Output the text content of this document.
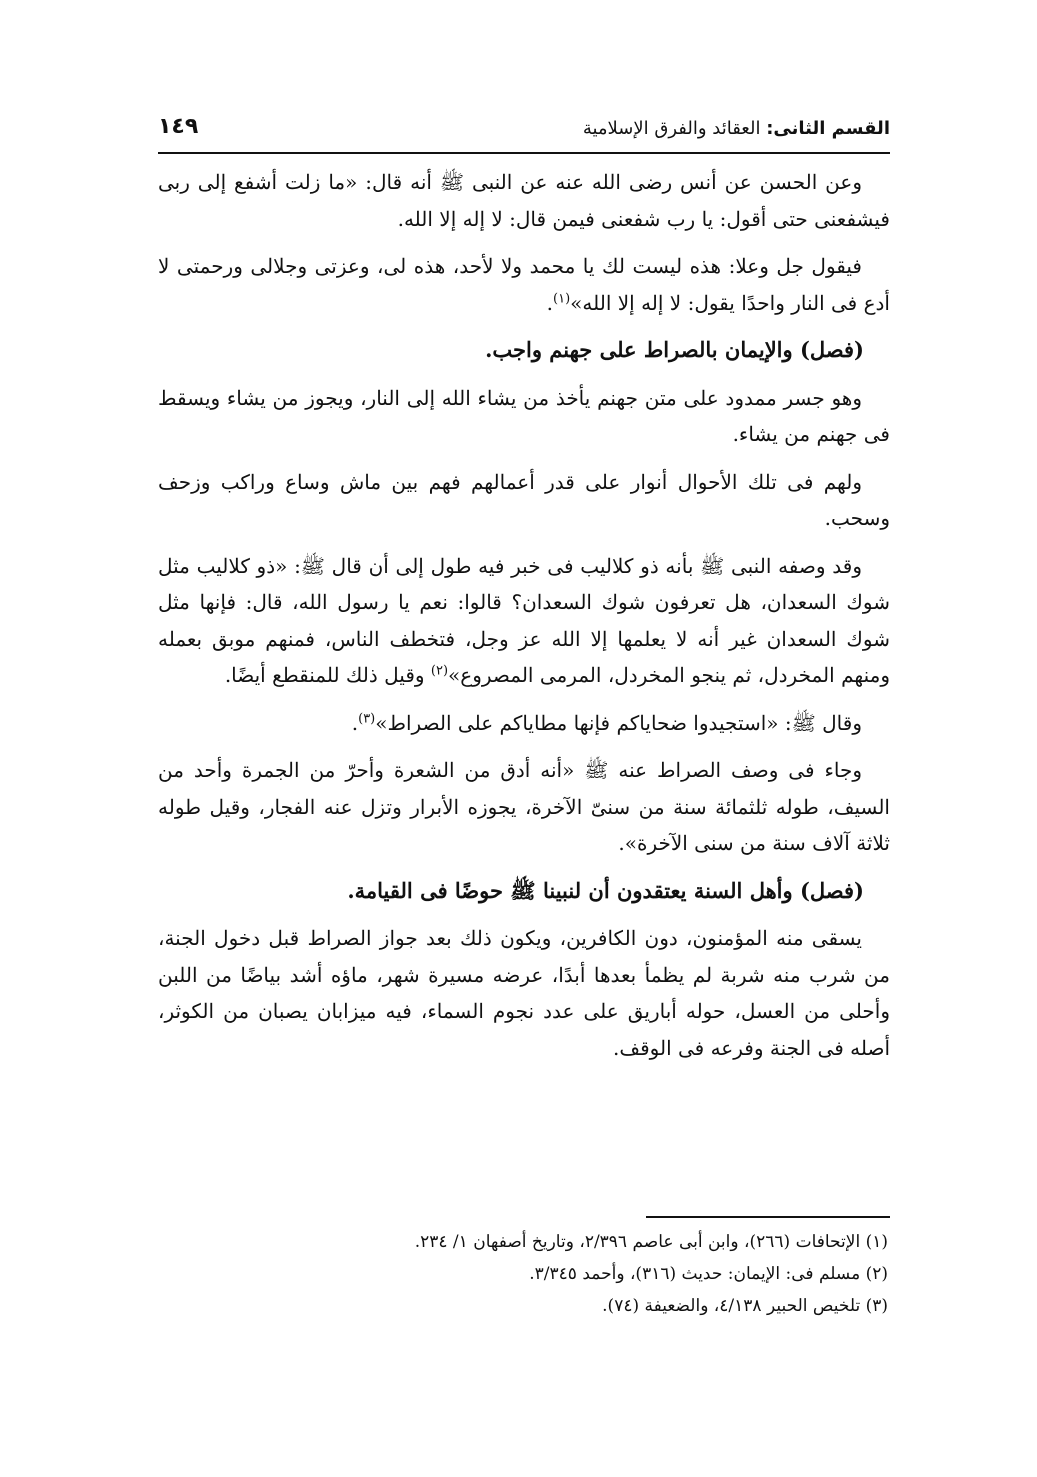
القسم الثانى: العقائد والفرق الإسلامية
١٤٩

وعن الحسن عن أنس رضى الله عنه عن النبى ﷺ أنه قال: «ما زلت أشفع إلى ربى فيشفعنى حتى أقول: يا رب شفعنى فيمن قال: لا إله إلا الله.

فيقول جل وعلا: هذه ليست لك يا محمد ولا لأحد، هذه لى، وعزتى وجلالى ورحمتى لا أدع فى النار واحدًا يقول: لا إله إلا الله»$^{(١)}$.

(فصل) والإيمان بالصراط على جهنم واجب.

وهو جسر ممدود على متن جهنم يأخذ من يشاء الله إلى النار، ويجوز من يشاء ويسقط فى جهنم من يشاء.

ولهم فى تلك الأحوال أنوار على قدر أعمالهم فهم بين ماش وساع وراكب وزحف وسحب.

وقد وصفه النبى ﷺ بأنه ذو كلاليب فى خبر فيه طول إلى أن قال ﷺ: «ذو كلاليب مثل شوك السعدان، هل تعرفون شوك السعدان؟ قالوا: نعم يا رسول الله، قال: فإنها مثل شوك السعدان غير أنه لا يعلمها إلا الله عز وجل، فتخطف الناس، فمنهم موبق بعمله ومنهم المخردل، ثم ينجو المخردل، المرمى المصروع»$^{(٢)}$ وقيل ذلك للمنقطع أيضًا.

وقال ﷺ: «استجيدوا ضحاياكم فإنها مطاياكم على الصراط»$^{(٣)}$.

وجاء فى وصف الصراط عنه ﷺ «أنه أدق من الشعرة وأحرّ من الجمرة وأحد من السيف، طوله ثلثمائة سنة من سنىّ الآخرة، يجوزه الأبرار وتزل عنه الفجار، وقيل طوله ثلاثة آلاف سنة من سنى الآخرة».

(فصل) وأهل السنة يعتقدون أن لنبينا ﷺ حوضًا فى القيامة.

يسقى منه المؤمنون، دون الكافرين، ويكون ذلك بعد جواز الصراط قبل دخول الجنة، من شرب منه شربة لم يظمأ بعدها أبدًا، عرضه مسيرة شهر، ماؤه أشد بياضًا من اللبن وأحلى من العسل، حوله أباريق على عدد نجوم السماء، فيه ميزابان يصبان من الكوثر، أصله فى الجنة وفرعه فى الوقف.

(١) الإتحافات (٢٦٦)، وابن أبى عاصم ٢/٣٩٦، وتاريخ أصفهان ١/ ٢٣٤.

(٢) مسلم فى: الإيمان: حديث (٣١٦)، وأحمد ٣/٣٤٥.

(٣) تلخيص الحبير ٤/١٣٨، والضعيفة (٧٤).
